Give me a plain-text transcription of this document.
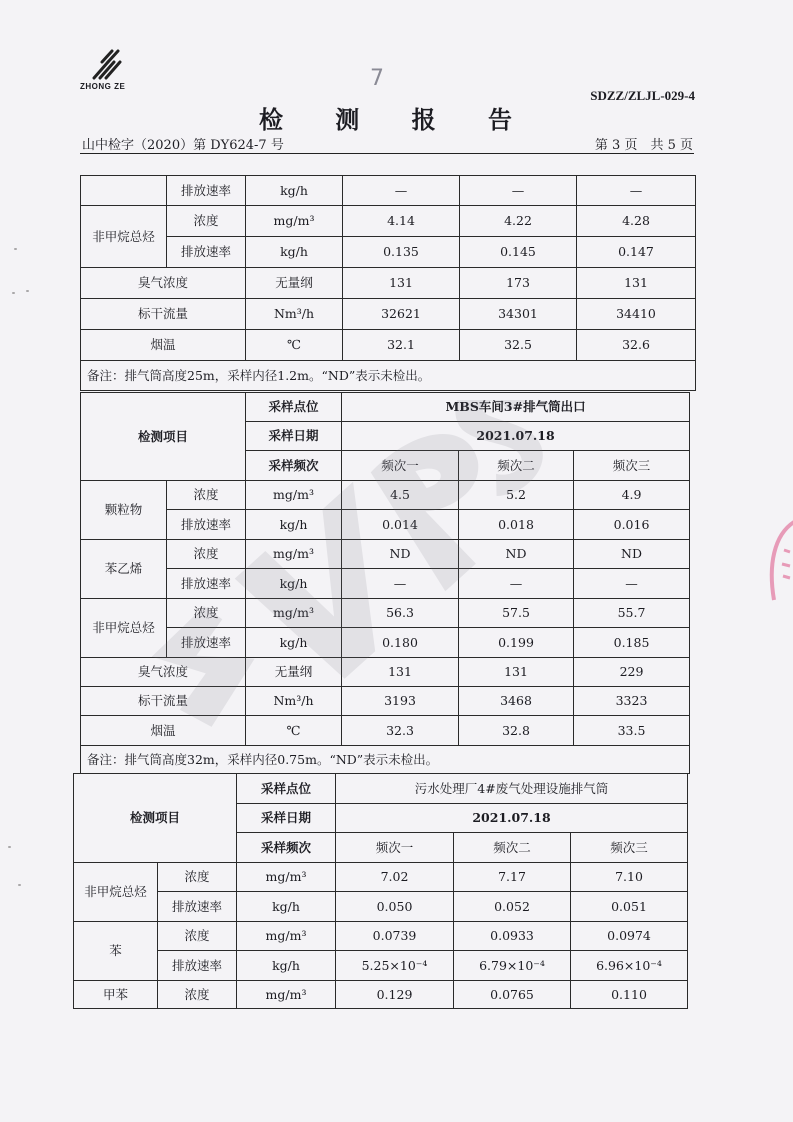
ZHONG ZE	7
SDZZ/ZLJL-029-4
检 测 报 告
山中检字（2020）第 DY624-7 号	第 3 页　共 5 页
	排放速率	kg/h	—	—	—
非甲烷总烃	浓度	mg/m³	4.14	4.22	4.28
	排放速率	kg/h	0.135	0.145	0.147
臭气浓度		无量纲	131	173	131
标干流量		Nm³/h	32621	34301	34410
烟温		℃	32.1	32.5	32.6
备注：排气筒高度25m，采样内径1.2m。“ND”表示未检出。					
检测项目		采样点位	MBS车间3#排气筒出口		
		采样日期	2021.07.18		
		采样频次	频次一	频次二	频次三
颗粒物	浓度	mg/m³	4.5	5.2	4.9
	排放速率	kg/h	0.014	0.018	0.016
苯乙烯	浓度	mg/m³	ND	ND	ND
	排放速率	kg/h	—	—	—
非甲烷总烃	浓度	mg/m³	56.3	57.5	55.7
	排放速率	kg/h	0.180	0.199	0.185
臭气浓度		无量纲	131	131	229
标干流量		Nm³/h	3193	3468	3323
烟温		℃	32.3	32.8	33.5
备注：排气筒高度32m，采样内径0.75m。“ND”表示未检出。					
检测项目		采样点位	污水处理厂4#废气处理设施排气筒		
		采样日期	2021.07.18		
		采样频次	频次一	频次二	频次三
非甲烷总烃	浓度	mg/m³	7.02	7.17	7.10
	排放速率	kg/h	0.050	0.052	0.051
苯	浓度	mg/m³	0.0739	0.0933	0.0974
	排放速率	kg/h	5.25×10⁻⁴	6.79×10⁻⁴	6.96×10⁻⁴
甲苯	浓度	mg/m³	0.129	0.0765	0.110
